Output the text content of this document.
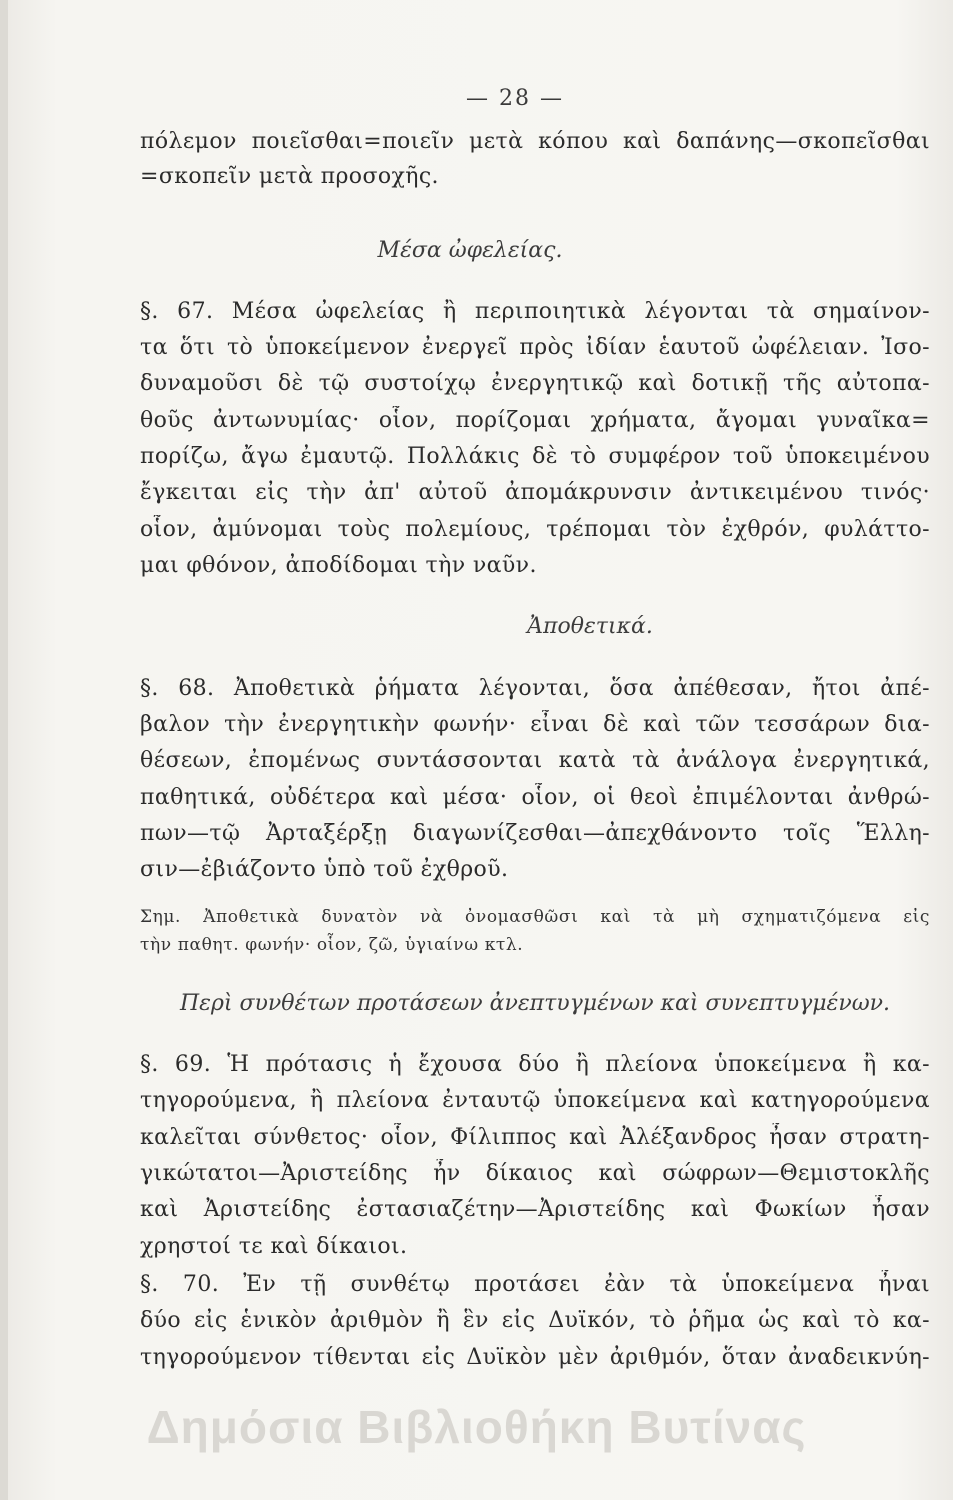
— 28 —
πόλεμον ποιεῖσθαι=ποιεῖν μετὰ κόπου καὶ δαπάνης—σκοπεῖσθαι
=σκοπεῖν μετὰ προσοχῆς.
Μέσα ὠφελείας.
§. 67. Μέσα ὠφελείας ἢ περιποιητικὰ λέγονται τὰ σημαίνον-
τα ὅτι τὸ ὑποκείμενον ἐνεργεῖ πρὸς ἰδίαν ἑαυτοῦ ὠφέλειαν. Ἰσο-
δυναμοῦσι δὲ τῷ συστοίχῳ ἐνεργητικῷ καὶ δοτικῇ τῆς αὐτοπα-
θοῦς ἀντωνυμίας· οἷον, πορίζομαι χρήματα, ἄγομαι γυναῖκα=
πορίζω, ἄγω ἐμαυτῷ. Πολλάκις δὲ τὸ συμφέρον τοῦ ὑποκειμένου
ἔγκειται εἰς τὴν ἀπ' αὐτοῦ ἀπομάκρυνσιν ἀντικειμένου τινός·
οἷον, ἀμύνομαι τοὺς πολεμίους, τρέπομαι τὸν ἐχθρόν, φυλάττο-
μαι φθόνον, ἀποδίδομαι τὴν ναῦν.
Ἀποθετικά.
§. 68. Ἀποθετικὰ ῥήματα λέγονται, ὅσα ἀπέθεσαν, ἤτοι ἀπέ-
βαλον τὴν ἐνεργητικὴν φωνήν· εἶναι δὲ καὶ τῶν τεσσάρων δια-
θέσεων, ἐπομένως συντάσσονται κατὰ τὰ ἀνάλογα ἐνεργητικά,
παθητικά, οὐδέτερα καὶ μέσα· οἷον, οἱ θεοὶ ἐπιμέλονται ἀνθρώ-
πων—τῷ Ἀρταξέρξῃ διαγωνίζεσθαι—ἀπεχθάνοντο τοῖς Ἕλλη-
σιν—ἐβιάζοντο ὑπὸ τοῦ ἐχθροῦ.
Σημ. Ἀποθετικὰ δυνατὸν νὰ ὀνομασθῶσι καὶ τὰ μὴ σχηματιζόμενα εἰς
τὴν παθητ. φωνήν· οἷον, ζῶ, ὑγιαίνω κτλ.
Περὶ συνθέτων προτάσεων ἀνεπτυγμένων καὶ συνεπτυγμένων.
§. 69. Ἡ πρότασις ἡ ἔχουσα δύο ἢ πλείονα ὑποκείμενα ἢ κα-
τηγορούμενα, ἢ πλείονα ἐνταυτῷ ὑποκείμενα καὶ κατηγορούμενα
καλεῖται σύνθετος· οἷον, Φίλιππος καὶ Ἀλέξανδρος ἦσαν στρατη-
γικώτατοι—Ἀριστείδης ἦν δίκαιος καὶ σώφρων—Θεμιστοκλῆς
καὶ Ἀριστείδης ἐστασιαζέτην—Ἀριστείδης καὶ Φωκίων ἦσαν
χρηστοί τε καὶ δίκαιοι.
§. 70. Ἐν τῇ συνθέτῳ προτάσει ἐὰν τὰ ὑποκείμενα ἦναι
δύο εἰς ἑνικὸν ἀριθμὸν ἢ ἓν εἰς Δυϊκόν, τὸ ῥῆμα ὡς καὶ τὸ κα-
τηγορούμενον τίθενται εἰς Δυϊκὸν μὲν ἀριθμόν, ὅταν ἀναδεικνύη-
Δημόσια Βιβλιοθήκη Βυτίνας
